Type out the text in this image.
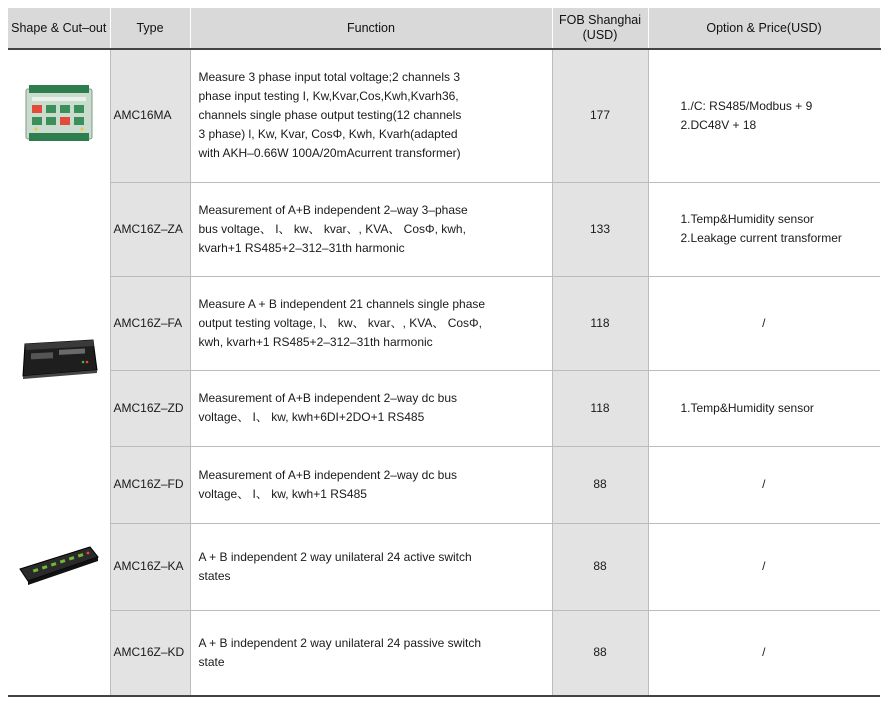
Shape & Cut–out	Type	Function	FOB Shanghai
(USD)	Option & Price(USD)
	AMC16MA	Measure 3 phase input total voltage;2 channels 3
phase input testing I, Kw,Kvar,Cos,Kwh,Kvarh36,
channels single phase output testing(12 channels
3 phase) l, Kw, Kvar, CosΦ, Kwh, Kvarh(adapted
with AKH–0.66W 100A/20mAcurrent transformer)	177	1./C: RS485/Modbus + 9
2.DC48V + 18

	AMC16Z–ZA	Measurement of A+B independent 2–way 3–phase
bus voltage、 I、 kw、 kvar、, KVA、 CosΦ, kwh,
kvarh+1 RS485+2–312–31th harmonic	133	1.Temp&Humidity sensor
2.Leakage current transformer

	AMC16Z–FA	Measure A + B independent 21 channels single phase
output testing voltage, I、 kw、 kvar、, KVA、 CosΦ,
kwh, kvarh+1 RS485+2–312–31th harmonic	118	/
	AMC16Z–ZD	Measurement of A+B independent 2–way dc bus
voltage、 I、 kw, kwh+6DI+2DO+1 RS485	118	1.Temp&Humidity sensor
	AMC16Z–FD	Measurement of A+B independent 2–way dc bus
voltage、 I、 kw, kwh+1 RS485	88	/
	AMC16Z–KA	A + B independent 2 way unilateral 24 active switch
states	88	/
	AMC16Z–KD	A + B independent 2 way unilateral 24 passive switch
state	88	/
